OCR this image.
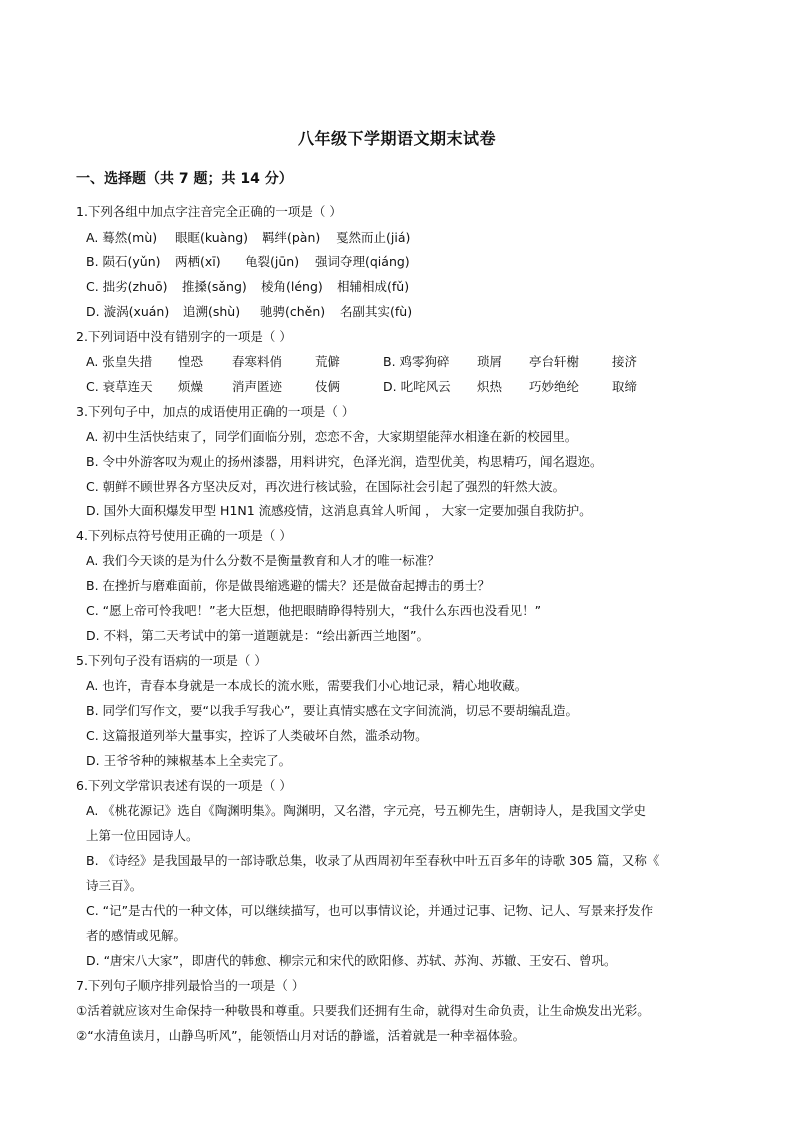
八年级下学期语文期末试卷
一、选择题（共 7 题；共 14 分）
1.下列各组中加点字注音完全正确的一项是（ ）
A. 蓦然(mù) 眼眶(kuàng) 羁绊(pàn) 戛然而止(jiá)
B. 陨石(yǔn) 两栖(xī) 龟裂(jūn) 强词夺理(qiáng)
C. 拙劣(zhuō) 推搡(sǎng) 棱角(léng) 相辅相成(fǔ)
D. 漩涡(xuán) 追溯(shù) 驰骋(chěn) 名副其实(fù)
2.下列词语中没有错别字的一项是（ ）
A. 张皇失措 惶恐 春寒料俏	荒僻	B. 鸡零狗碎 琐屑 亭台轩榭	接济
C. 衰草连天 烦燥 消声匿迹	伎俩	D. 叱咤风云 炽热 巧妙绝纶	取缔
3.下列句子中，加点的成语使用正确的一项是（ ）
A. 初中生活快结束了，同学们面临分别，恋恋不舍，大家期望能萍水相逢在新的校园里。
B. 令中外游客叹为观止的扬州漆器，用料讲究，色泽光润，造型优美，构思精巧，闻名遐迩。
C. 朝鲜不顾世界各方坚决反对，再次进行核试验，在国际社会引起了强烈的轩然大波。
D. 国外大面积爆发甲型 H1N1 流感疫情，这消息真耸人听闻 ， 大家一定要加强自我防护。
4.下列标点符号使用正确的一项是（ ）
A. 我们今天谈的是为什么分数不是衡量教育和人才的唯一标准？
B. 在挫折与磨难面前，你是做畏缩逃避的懦夫？还是做奋起搏击的勇士？
C. “愿上帝可怜我吧！”老大臣想，他把眼睛睁得特别大，“我什么东西也没看见！”
D. 不料，第二天考试中的第一道题就是：“绘出新西兰地图”。
5.下列句子没有语病的一项是（ ）
A. 也许，青春本身就是一本成长的流水账，需要我们小心地记录，精心地收藏。
B. 同学们写作文，要“以我手写我心”，要让真情实感在文字间流淌，切忌不要胡编乱造。
C. 这篇报道列举大量事实，控诉了人类破坏自然，滥杀动物。
D. 王爷爷种的辣椒基本上全卖完了。
6.下列文学常识表述有误的一项是（ ）
A. 《桃花源记》选自《陶渊明集》。陶渊明，又名潜，字元亮，号五柳先生，唐朝诗人，是我国文学史
上第一位田园诗人。
B. 《诗经》是我国最早的一部诗歌总集，收录了从西周初年至春秋中叶五百多年的诗歌 305 篇，又称《
诗三百》。
C. “记”是古代的一种文体，可以继续描写，也可以事情议论，并通过记事、记物、记人、写景来抒发作
者的感情或见解。
D. “唐宋八大家”，即唐代的韩愈、柳宗元和宋代的欧阳修、苏轼、苏洵、苏辙、王安石、曾巩。
7.下列句子顺序排列最恰当的一项是（ ）
①活着就应该对生命保持一种敬畏和尊重。只要我们还拥有生命，就得对生命负责，让生命焕发出光彩。
②“水清鱼读月，山静鸟听风”，能领悟山月对话的静谧，活着就是一种幸福体验。
